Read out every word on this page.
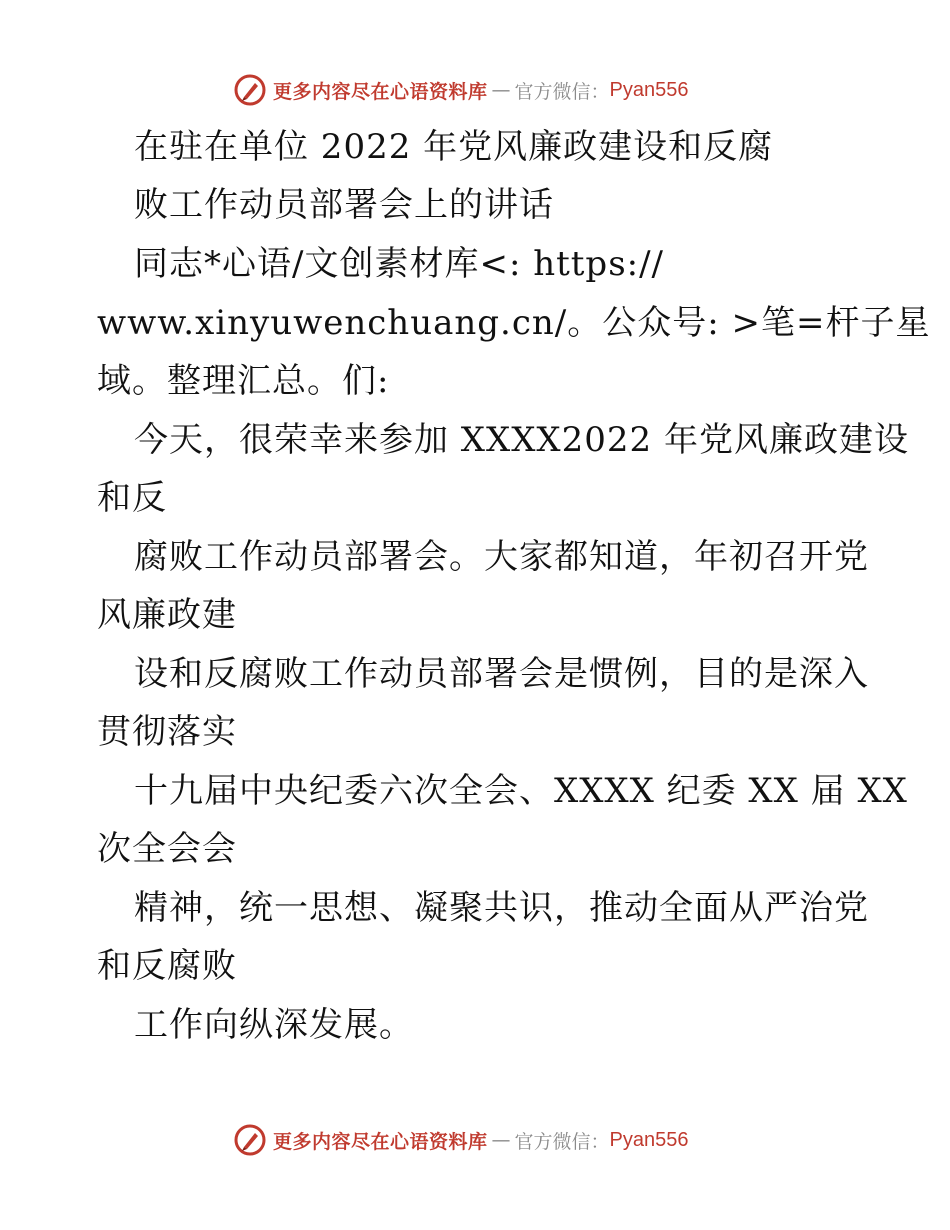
更多内容尽在心语资料库 — 官方微信： Pyan556
在驻在单位 2022 年党风廉政建设和反腐
败工作动员部署会上的讲话
同志*心语/文创素材库<: https://
www.xinyuwenchuang.cn/。公众号: >笔=杆子星
域。整理汇总。们:
今天，很荣幸来参加 XXXX2022 年党风廉政建设
和反
腐败工作动员部署会。大家都知道，年初召开党
风廉政建
设和反腐败工作动员部署会是惯例，目的是深入
贯彻落实
十九届中央纪委六次全会、XXXX 纪委 XX 届 XX
次全会会
精神，统一思想、凝聚共识，推动全面从严治党
和反腐败
工作向纵深发展。
更多内容尽在心语资料库 — 官方微信： Pyan556
